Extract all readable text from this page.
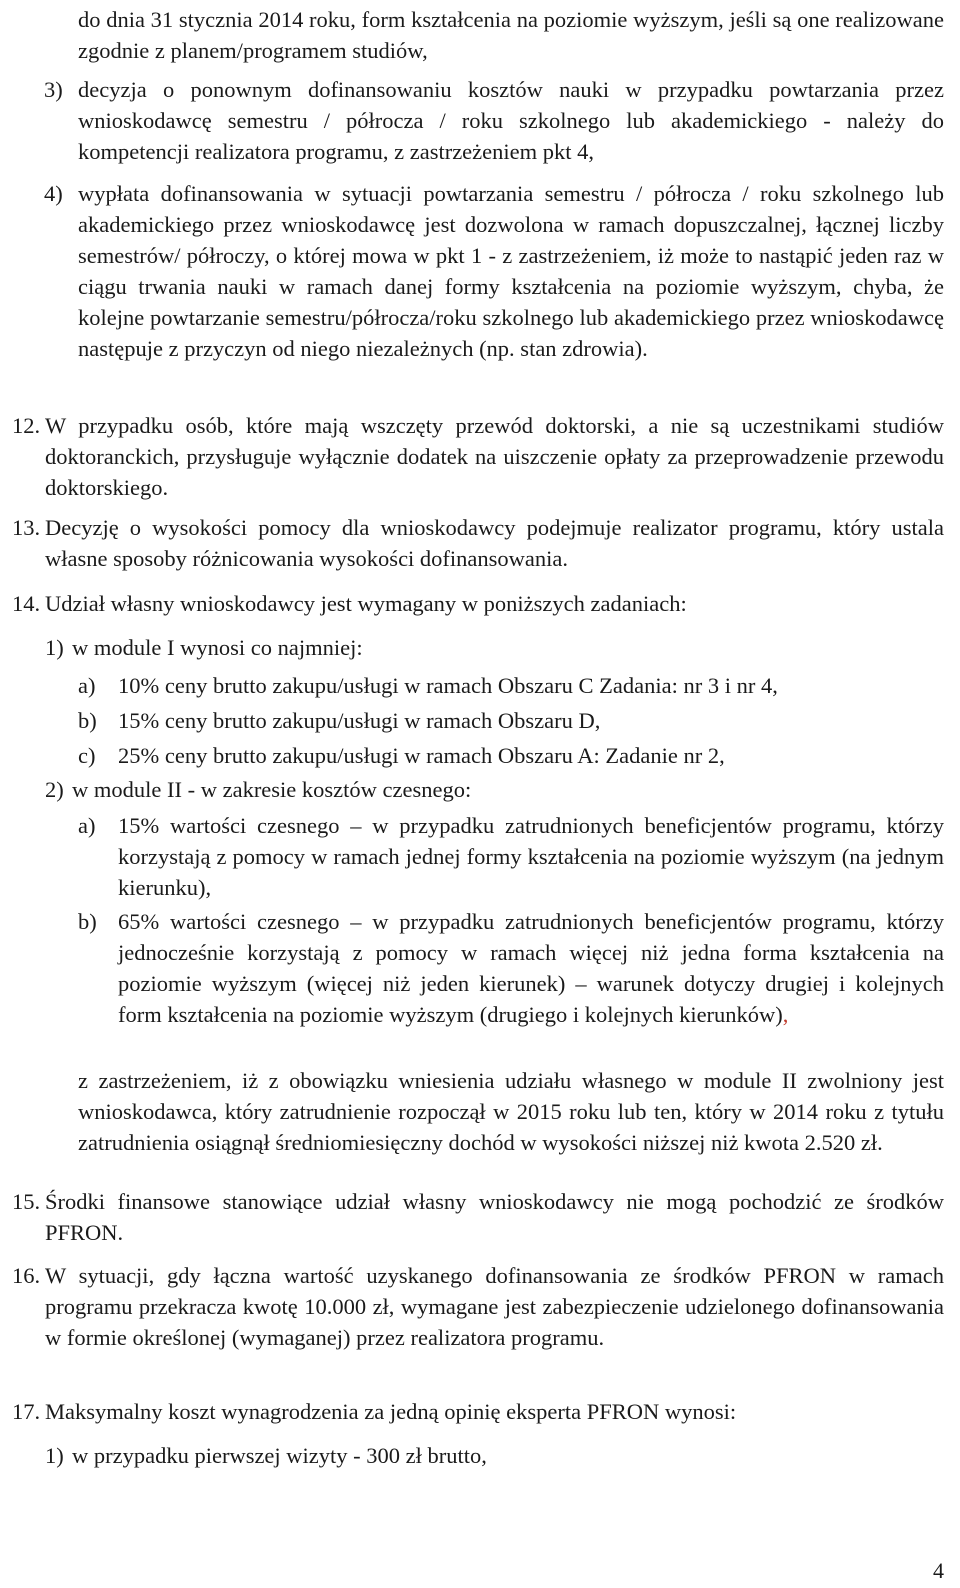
do dnia 31 stycznia 2014 roku, form kształcenia na poziomie wyższym, jeśli są one realizowane zgodnie z planem/programem studiów,

3) decyzja o ponownym dofinansowaniu kosztów nauki w przypadku powtarzania przez wnioskodawcę semestru / półrocza / roku szkolnego lub akademickiego - należy do kompetencji realizatora programu, z zastrzeżeniem pkt 4,

4) wypłata dofinansowania w sytuacji powtarzania semestru / półrocza / roku szkolnego lub akademickiego przez wnioskodawcę jest dozwolona w ramach dopuszczalnej, łącznej liczby semestrów/ półroczy, o której mowa w pkt 1 - z zastrzeżeniem, iż może to nastąpić jeden raz w ciągu trwania nauki w ramach danej formy kształcenia na poziomie wyższym, chyba, że kolejne powtarzanie semestru/półrocza/roku szkolnego lub akademickiego przez wnioskodawcę następuje z przyczyn od niego niezależnych (np. stan zdrowia).

12. W przypadku osób, które mają wszczęty przewód doktorski, a nie są uczestnikami studiów doktoranckich, przysługuje wyłącznie dodatek na uiszczenie opłaty za przeprowadzenie przewodu doktorskiego.

13. Decyzję o wysokości pomocy dla wnioskodawcy podejmuje realizator programu, który ustala własne sposoby różnicowania wysokości dofinansowania.

14. Udział własny wnioskodawcy jest wymagany w poniższych zadaniach:

1) w module I wynosi co najmniej:

a) 10% ceny brutto zakupu/usługi w ramach Obszaru C Zadania: nr 3 i nr 4,

b) 15% ceny brutto zakupu/usługi w ramach Obszaru D,

c) 25% ceny brutto zakupu/usługi w ramach Obszaru A: Zadanie nr 2,

2) w module II - w zakresie kosztów czesnego:

a) 15% wartości czesnego – w przypadku zatrudnionych beneficjentów programu, którzy korzystają z pomocy w ramach jednej formy kształcenia na poziomie wyższym (na jednym kierunku),

b) 65% wartości czesnego – w przypadku zatrudnionych beneficjentów programu, którzy jednocześnie korzystają z pomocy w ramach więcej niż jedna forma kształcenia na poziomie wyższym (więcej niż jeden kierunek) – warunek dotyczy drugiej i kolejnych form kształcenia na poziomie wyższym (drugiego i kolejnych kierunków),

z zastrzeżeniem, iż z obowiązku wniesienia udziału własnego w module II zwolniony jest wnioskodawca, który zatrudnienie rozpoczął w 2015 roku lub ten, który w 2014 roku z tytułu zatrudnienia osiągnął średniomiesięczny dochód w wysokości niższej niż kwota 2.520 zł.

15. Środki finansowe stanowiące udział własny wnioskodawcy nie mogą pochodzić ze środków PFRON.

16. W sytuacji, gdy łączna wartość uzyskanego dofinansowania ze środków PFRON w ramach programu przekracza kwotę 10.000 zł, wymagane jest zabezpieczenie udzielonego dofinansowania w formie określonej (wymaganej) przez realizatora programu.

17. Maksymalny koszt wynagrodzenia za jedną opinię eksperta PFRON wynosi:

1) w przypadku pierwszej wizyty - 300 zł brutto,

4
